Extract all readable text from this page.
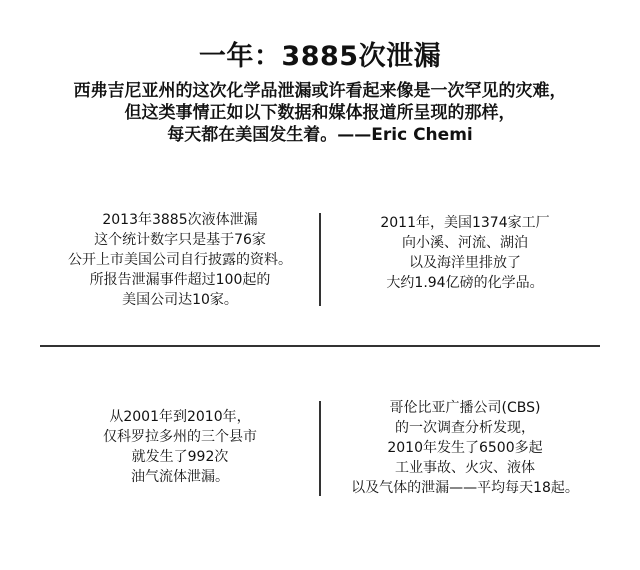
一年：3885次泄漏
西弗吉尼亚州的这次化学品泄漏或许看起来像是一次罕见的灾难，
但这类事情正如以下数据和媒体报道所呈现的那样，
每天都在美国发生着。——Eric Chemi
2013年3885次液体泄漏
这个统计数字只是基于76家
公开上市美国公司自行披露的资料。
所报告泄漏事件超过100起的
美国公司达10家。
2011年，美国1374家工厂
向小溪、河流、湖泊
以及海洋里排放了
大约1.94亿磅的化学品。
从2001年到2010年，
仅科罗拉多州的三个县市
就发生了992次
油气流体泄漏。
哥伦比亚广播公司(CBS)
的一次调查分析发现，
2010年发生了6500多起
工业事故、火灾、液体
以及气体的泄漏——平均每天18起。
